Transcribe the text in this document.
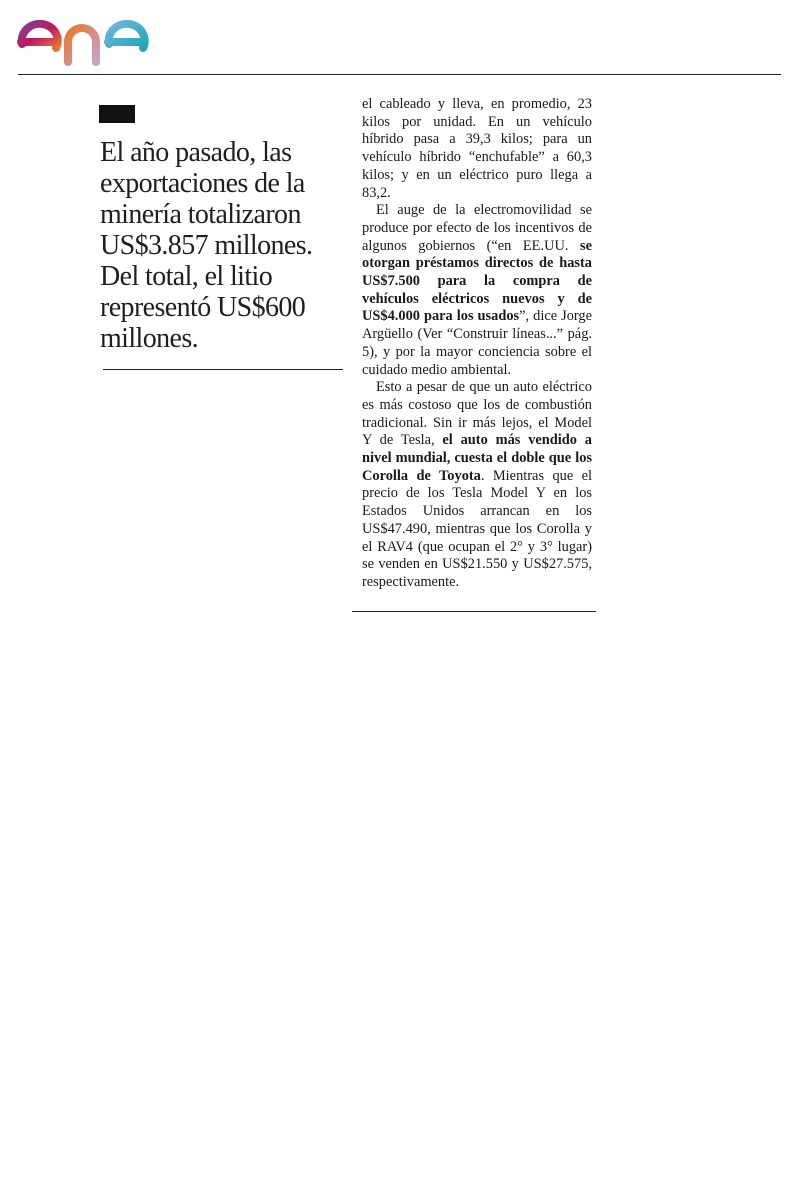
El año pasado, las exportaciones de la minería totalizaron US$3.857 millones. Del total, el litio representó US$600 millones.

el cableado y lleva, en promedio, 23 kilos por unidad. En un vehículo híbrido pasa a 39,3 kilos; para un vehículo híbrido “enchufable” a 60,3 kilos; y en un eléctrico puro llega a 83,2.

El auge de la electromovilidad se produce por efecto de los incentivos de algunos gobiernos (“en EE.UU. se otorgan préstamos directos de hasta US$7.500 para la compra de vehículos eléctricos nuevos y de US$4.000 para los usados”, dice Jorge Argüello (Ver “Construir líneas...” pág. 5), y por la mayor conciencia sobre el cuidado medio ambiental.

Esto a pesar de que un auto eléctrico es más costoso que los de combustión tradicional. Sin ir más lejos, el Model Y de Tesla, el auto más vendido a nivel mundial, cuesta el doble que los Corolla de Toyota. Mientras que el precio de los Tesla Model Y en los Estados Unidos arrancan en los US$47.490, mientras que los Corolla y el RAV4 (que ocupan el 2° y 3° lugar) se venden en US$21.550 y US$27.575, respectivamente.
